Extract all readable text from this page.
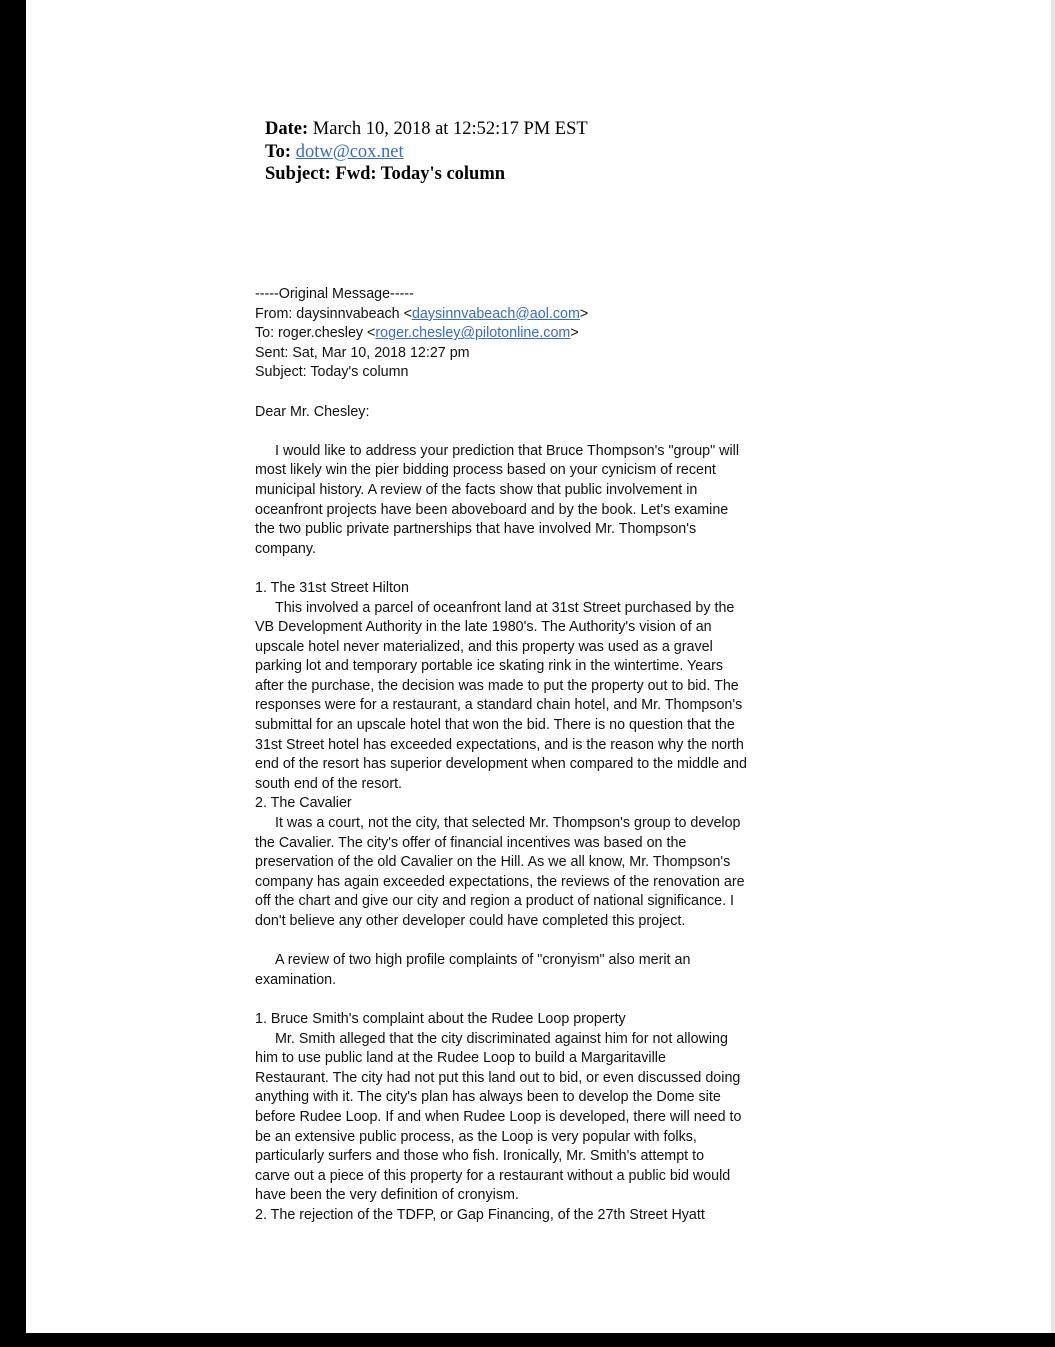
Date: March 10, 2018 at 12:52:17 PM EST
To: dotw@cox.net
Subject: Fwd: Today's column
-----Original Message-----
From: daysinnvabeach <daysinnvabeach@aol.com>
To: roger.chesley <roger.chesley@pilotonline.com>
Sent: Sat, Mar 10, 2018 12:27 pm
Subject: Today's column
Dear Mr. Chesley:
I would like to address your prediction that Bruce Thompson's "group" will
most likely win the pier bidding process based on your cynicism of recent
municipal history. A review of the facts show that public involvement in
oceanfront projects have been aboveboard and by the book. Let's examine
the two public private partnerships that have involved Mr. Thompson's
company.
1. The 31st Street Hilton
This involved a parcel of oceanfront land at 31st Street purchased by the
VB Development Authority in the late 1980's. The Authority's vision of an
upscale hotel never materialized, and this property was used as a gravel
parking lot and temporary portable ice skating rink in the wintertime. Years
after the purchase, the decision was made to put the property out to bid. The
responses were for a restaurant, a standard chain hotel, and Mr. Thompson's
submittal for an upscale hotel that won the bid. There is no question that the
31st Street hotel has exceeded expectations, and is the reason why the north
end of the resort has superior development when compared to the middle and
south end of the resort.
2. The Cavalier
It was a court, not the city, that selected Mr. Thompson's group to develop
the Cavalier. The city's offer of financial incentives was based on the
preservation of the old Cavalier on the Hill. As we all know, Mr. Thompson's
company has again exceeded expectations, the reviews of the renovation are
off the chart and give our city and region a product of national significance. I
don't believe any other developer could have completed this project.
A review of two high profile complaints of "cronyism" also merit an
examination.
1. Bruce Smith's complaint about the Rudee Loop property
Mr. Smith alleged that the city discriminated against him for not allowing
him to use public land at the Rudee Loop to build a Margaritaville
Restaurant. The city had not put this land out to bid, or even discussed doing
anything with it. The city's plan has always been to develop the Dome site
before Rudee Loop. If and when Rudee Loop is developed, there will need to
be an extensive public process, as the Loop is very popular with folks,
particularly surfers and those who fish. Ironically, Mr. Smith's attempt to
carve out a piece of this property for a restaurant without a public bid would
have been the very definition of cronyism.
2. The rejection of the TDFP, or Gap Financing, of the 27th Street Hyatt
